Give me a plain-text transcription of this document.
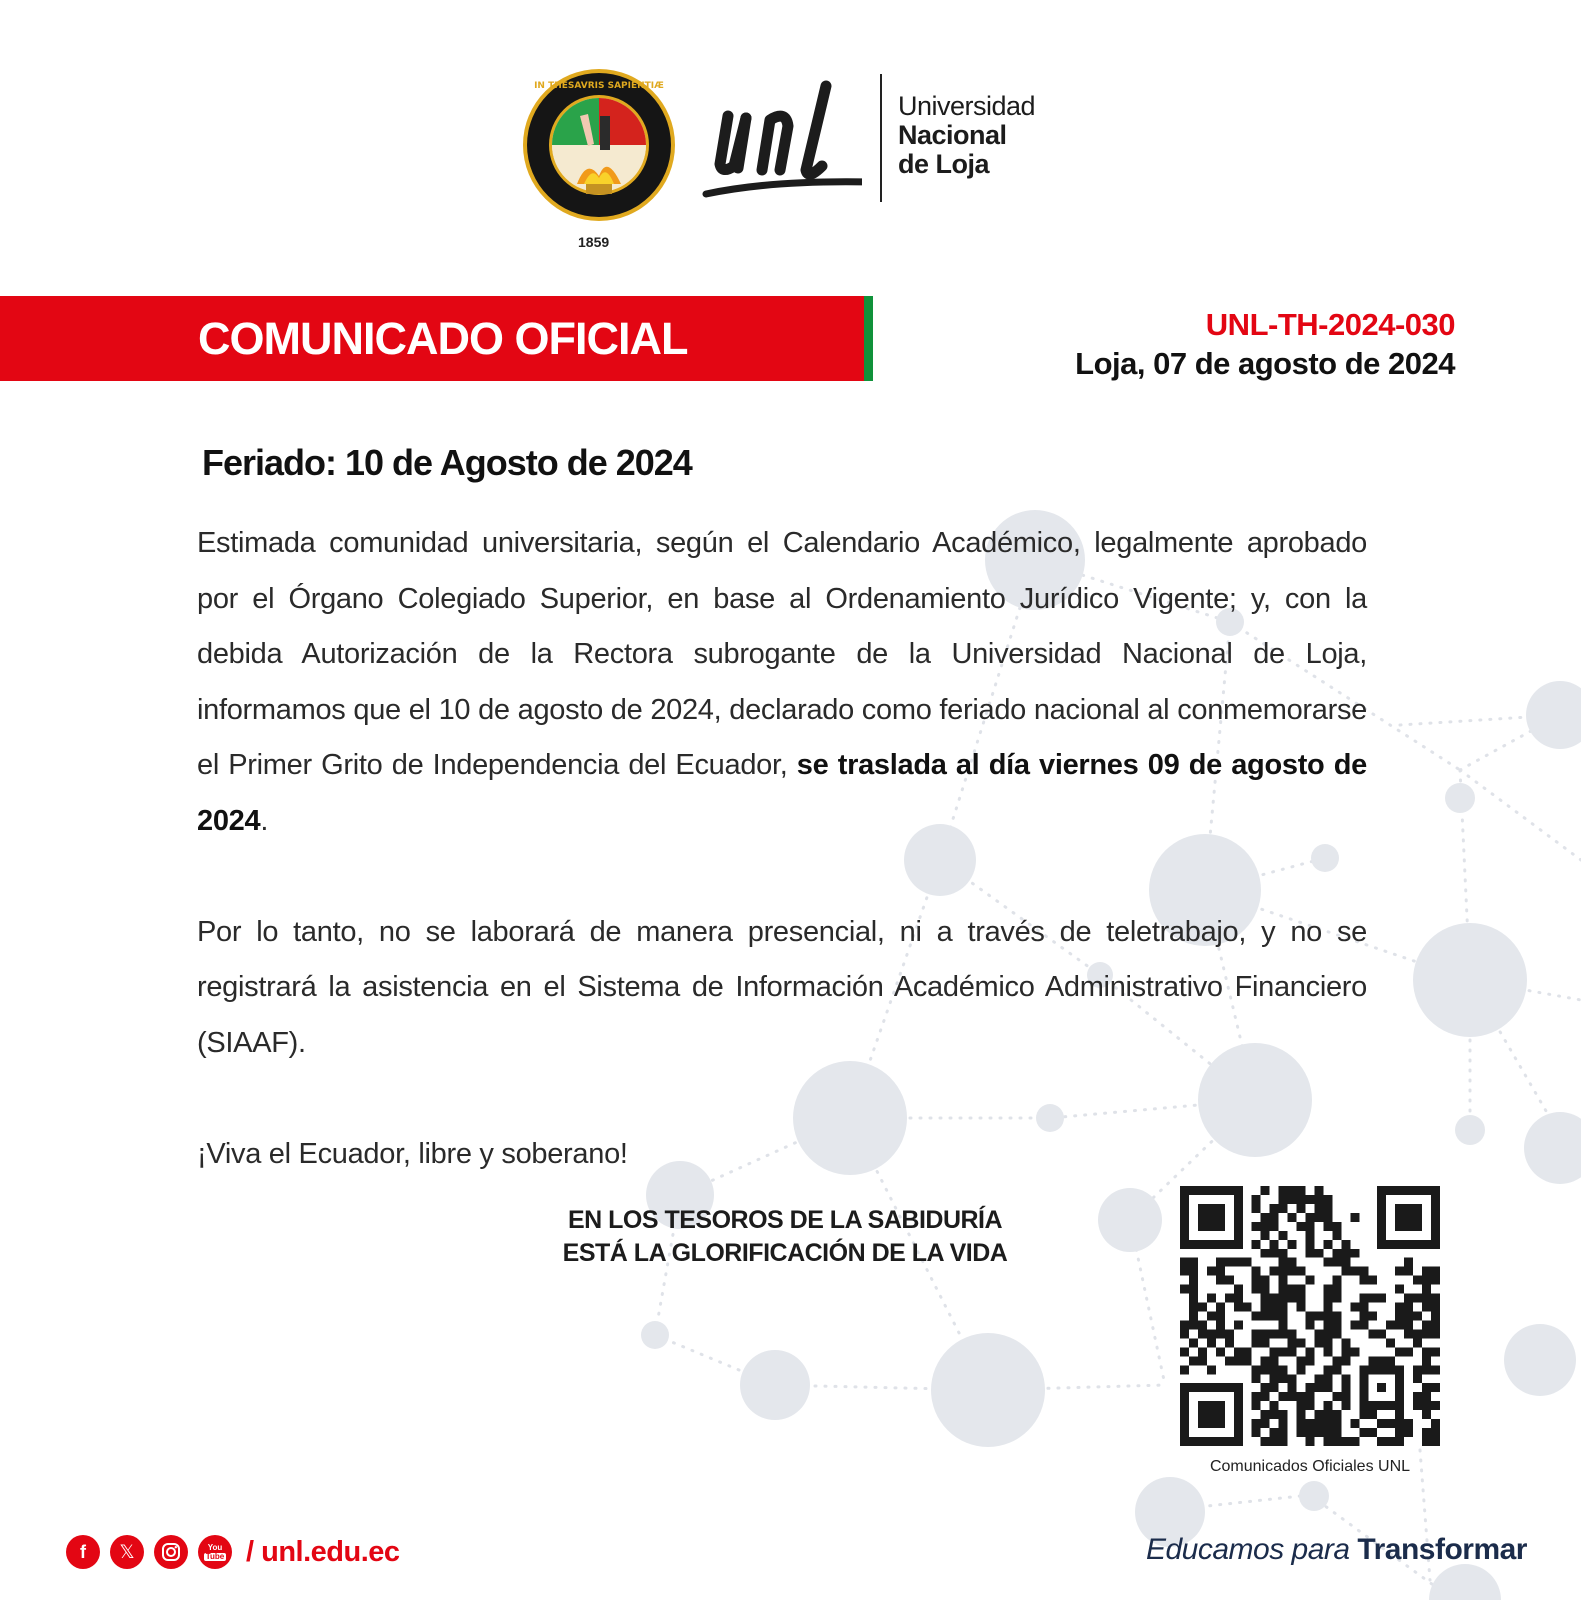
IN THESAVRIS SAPIENTIÆ
1859
Universidad
Nacional
de Loja
COMUNICADO OFICIAL	UNL-TH-2024-030
Loja, 07 de agosto de 2024
Feriado: 10 de Agosto de 2024

Estimada comunidad universitaria, según el Calendario Académico, legalmente aprobado por el Órgano Colegiado Superior, en base al Ordenamiento Jurídico Vigente; y, con la debida Autorización de la Rectora subrogante de la Universidad Nacional de Loja, informamos que el 10 de agosto de 2024, declarado como feriado nacional al conmemorarse el Primer Grito de Independencia del Ecuador, se traslada al día viernes 09 de agosto de 2024.

Por lo tanto, no se laborará de manera presencial, ni a través de teletrabajo, y no se registrará la asistencia en el Sistema de Información Académico Administrativo Financiero (SIAAF).

¡Viva el Ecuador, libre y soberano!

EN LOS TESOROS DE LA SABIDURÍA
ESTÁ LA GLORIFICACIÓN DE LA VIDA
Comunicados Oficiales UNL
f	𝕏	You
Tube / unl.edu.ec	Educamos para Transformar
